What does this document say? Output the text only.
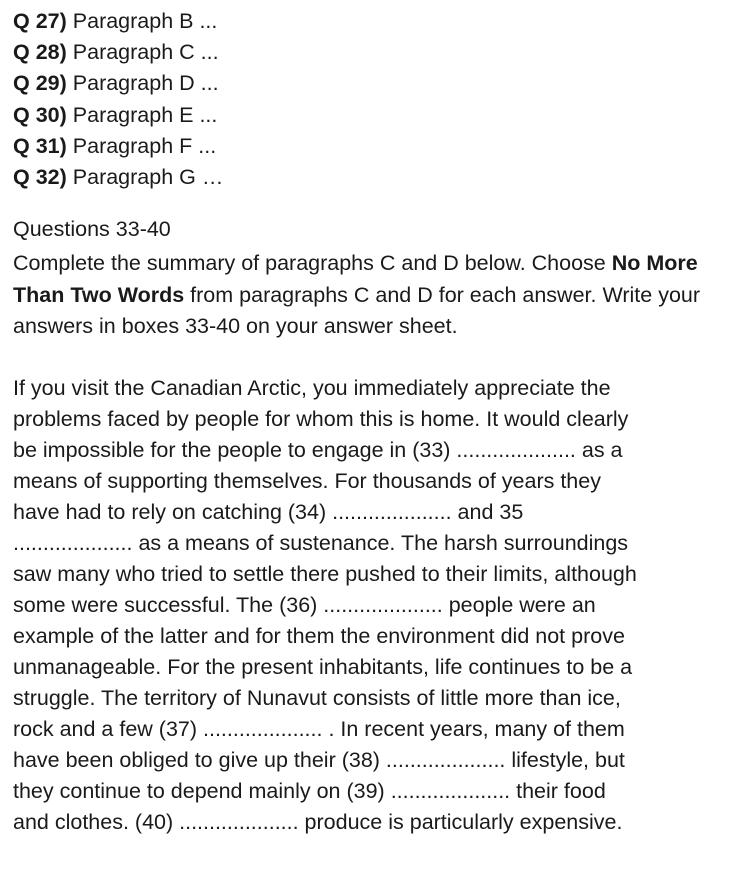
Q 27) Paragraph B ...
Q 28) Paragraph C ...
Q 29) Paragraph D ...
Q 30) Paragraph E ...
Q 31) Paragraph F ...
Q 32) Paragraph G …
Questions 33-40
Complete the summary of paragraphs C and D below. Choose No More Than Two Words from paragraphs C and D for each answer. Write your answers in boxes 33-40 on your answer sheet.
If you visit the Canadian Arctic, you immediately appreciate the
problems faced by people for whom this is home. It would clearly
be impossible for the people to engage in (33) .................... as a
means of supporting themselves. For thousands of years they
have had to rely on catching (34) .................... and 35
.................... as a means of sustenance. The harsh surroundings
saw many who tried to settle there pushed to their limits, although
some were successful. The (36) .................... people were an
example of the latter and for them the environment did not prove
unmanageable. For the present inhabitants, life continues to be a
struggle. The territory of Nunavut consists of little more than ice,
rock and a few (37) .................... . In recent years, many of them
have been obliged to give up their (38) .................... lifestyle, but
they continue to depend mainly on (39) .................... their food
and clothes. (40) .................... produce is particularly expensive.
